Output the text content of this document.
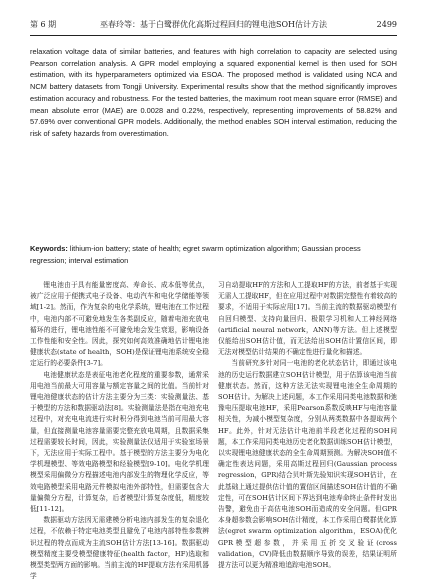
第 6 期	巫春玲等：基于白鹭群优化高斯过程回归的锂电池SOH估计方法	2499

relaxation voltage data of similar batteries, and features with high correlation to capacity are selected using Pearson correlation analysis. A GPR model employing a squared exponential kernel is then used for SOH estimation, with its hyperparameters optimized via ESOA. The proposed method is validated using NCA and NCM battery datasets from Tongji University. Experimental results show that the method significantly improves estimation accuracy and robustness. For the tested batteries, the maximum root mean square error (RMSE) and mean absolute error (MAE) are 0.0028 and 0.22%, respectively, representing improvements of 58.82% and 57.69% over conventional GPR models. Additionally, the method enables SOH interval estimation, reducing the risk of safety hazards from overestimation.

Keywords: lithium-ion battery; state of health; egret swarm optimization algorithm; Gaussian process regression; interval estimation

锂电池由于具有能量密度高、寿命长、成本低等优点，被广泛应用于便携式电子设备、电动汽车和电化学储能等领域[1-2]。然而，作为复杂的电化学系统，锂电池在工作过程中，电池内部不可避免地发生各类副反应，随着电池充放电循环的进行，锂电池性能不可避免地会发生衰退，影响设备工作性能和安全性。因此，探究如何高效准确地估计锂电池健康状态(state of health，SOH)是保证锂电池系统安全稳定运行的必要条件[3-7]。

电池健康状态是表征电池老化程度的重要参数，通常采用电池当前最大可用容量与额定容量之间的比值。当前针对锂电池健康状态的估计方法主要分为三类：实验测量法、基于模型的方法和数据驱动法[8]。实验测量法是指在电池充电过程中，对充电电流进行实时积分得到电池当前可用最大容量，但直接测量电池容量需要完整充放电周期，且数据采集过程需要较长时间，因此，实验测量法仅适用于实验室场景下，无法应用于实际工程中。基于模型的方法主要分为电化学机理模型、等效电路模型和经验模型[9-10]。电化学机理模型采用偏微分方程描述电池内部发生的物理化学反应，等效电路模型采用电路元件模拟电池外部特性，但需要包含大量偏微分方程，计算复杂，后者模型计算复杂度低，精度较低[11-12]。

数据驱动方法因无需建模分析电池内部发生的复杂退化过程，不依赖于特定电池类型且避免了电池内部特性参数辨识过程的特点而成为主流SOH估计方法[13-16]。数据驱动模型精度主要受模型健康特征(health factor，HF)选取和模型类型两方面的影响。当前主流的HF提取方法有采用机器学

习自动提取HF的方法和人工提取HF的方法，前者基于实现无需人工提取HF，但在应用过程中对数据完整性有着较高的要求，不适用于实际应用[17]。当前主流的数据驱动模型有自回归模型、支持向量回归、极限学习机和人工神经网络(artificial neural network，ANN)等方法。但上述模型仅能给出SOH估计值，而无法给出SOH估计置信区间，即无法对模型估计结果的不确定性进行量化和描述。

当前研究多针对同一电池的老化状态估计，即通过该电池的历史运行数据建立SOH估计模型，用于估算该电池当前健康状态。然而，这种方法无法实现锂电池全生命周期的SOH估计。为解决上述问题，本工作采用同类电池数据和弛豫电压提取电池HF，采用Pearson系数反映HF与电池容量相关性，为减小模型复杂度，分别从两类数据中各提取两个HF。此外，针对无法估计电池前半段老化过程的SOH问题，本工作采用同类电池历史老化数据训练SOH估计模型，以实现锂电池健康状态的全生命周期预测。为解决SOH值不确定性表达问题，采用高斯过程回归(Gaussian process regression，GPR)结合贝叶斯先验知识实现SOH估计，在此基础上通过提供估计值的置信区间描述SOH估计值的不确定性，可在SOH估计区间下界达到电池寿命终止条件时发出告警，避免由于高估电池SOH而造成的安全问题。但GPR本身超参数会影响SOH估计精度，本工作采用白鹭群优化算法(egret swarm optimization algorithm，ESOA)优化GPR模型超参数，并采用五折交叉验证(cross validation，CV)降低由数据顺序导致的误差，结果证明所提方法可以更为精准地追踪电池SOH。
